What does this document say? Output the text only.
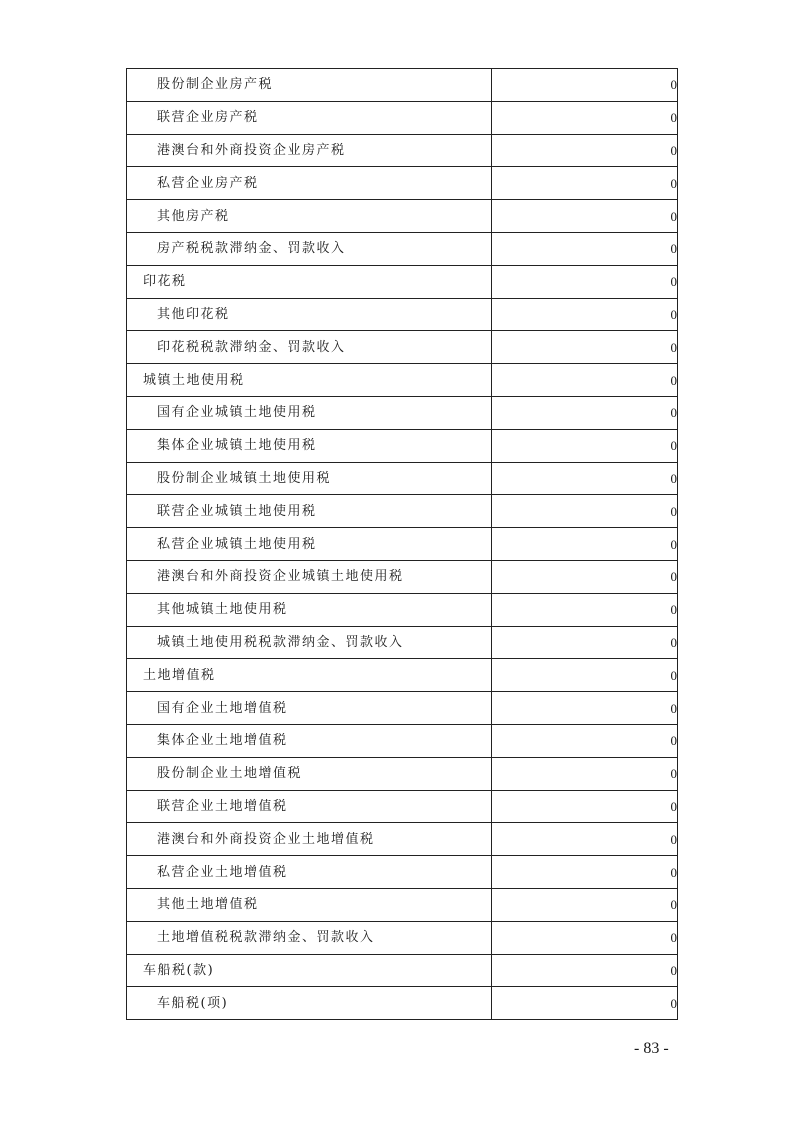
股份制企业房产税	0
联营企业房产税	0
港澳台和外商投资企业房产税	0
私营企业房产税	0
其他房产税	0
房产税税款滞纳金、罚款收入	0
印花税	0
其他印花税	0
印花税税款滞纳金、罚款收入	0
城镇土地使用税	0
国有企业城镇土地使用税	0
集体企业城镇土地使用税	0
股份制企业城镇土地使用税	0
联营企业城镇土地使用税	0
私营企业城镇土地使用税	0
港澳台和外商投资企业城镇土地使用税	0
其他城镇土地使用税	0
城镇土地使用税税款滞纳金、罚款收入	0
土地增值税	0
国有企业土地增值税	0
集体企业土地增值税	0
股份制企业土地增值税	0
联营企业土地增值税	0
港澳台和外商投资企业土地增值税	0
私营企业土地增值税	0
其他土地增值税	0
土地增值税税款滞纳金、罚款收入	0
车船税(款)	0
车船税(项)	0
- 83 -
